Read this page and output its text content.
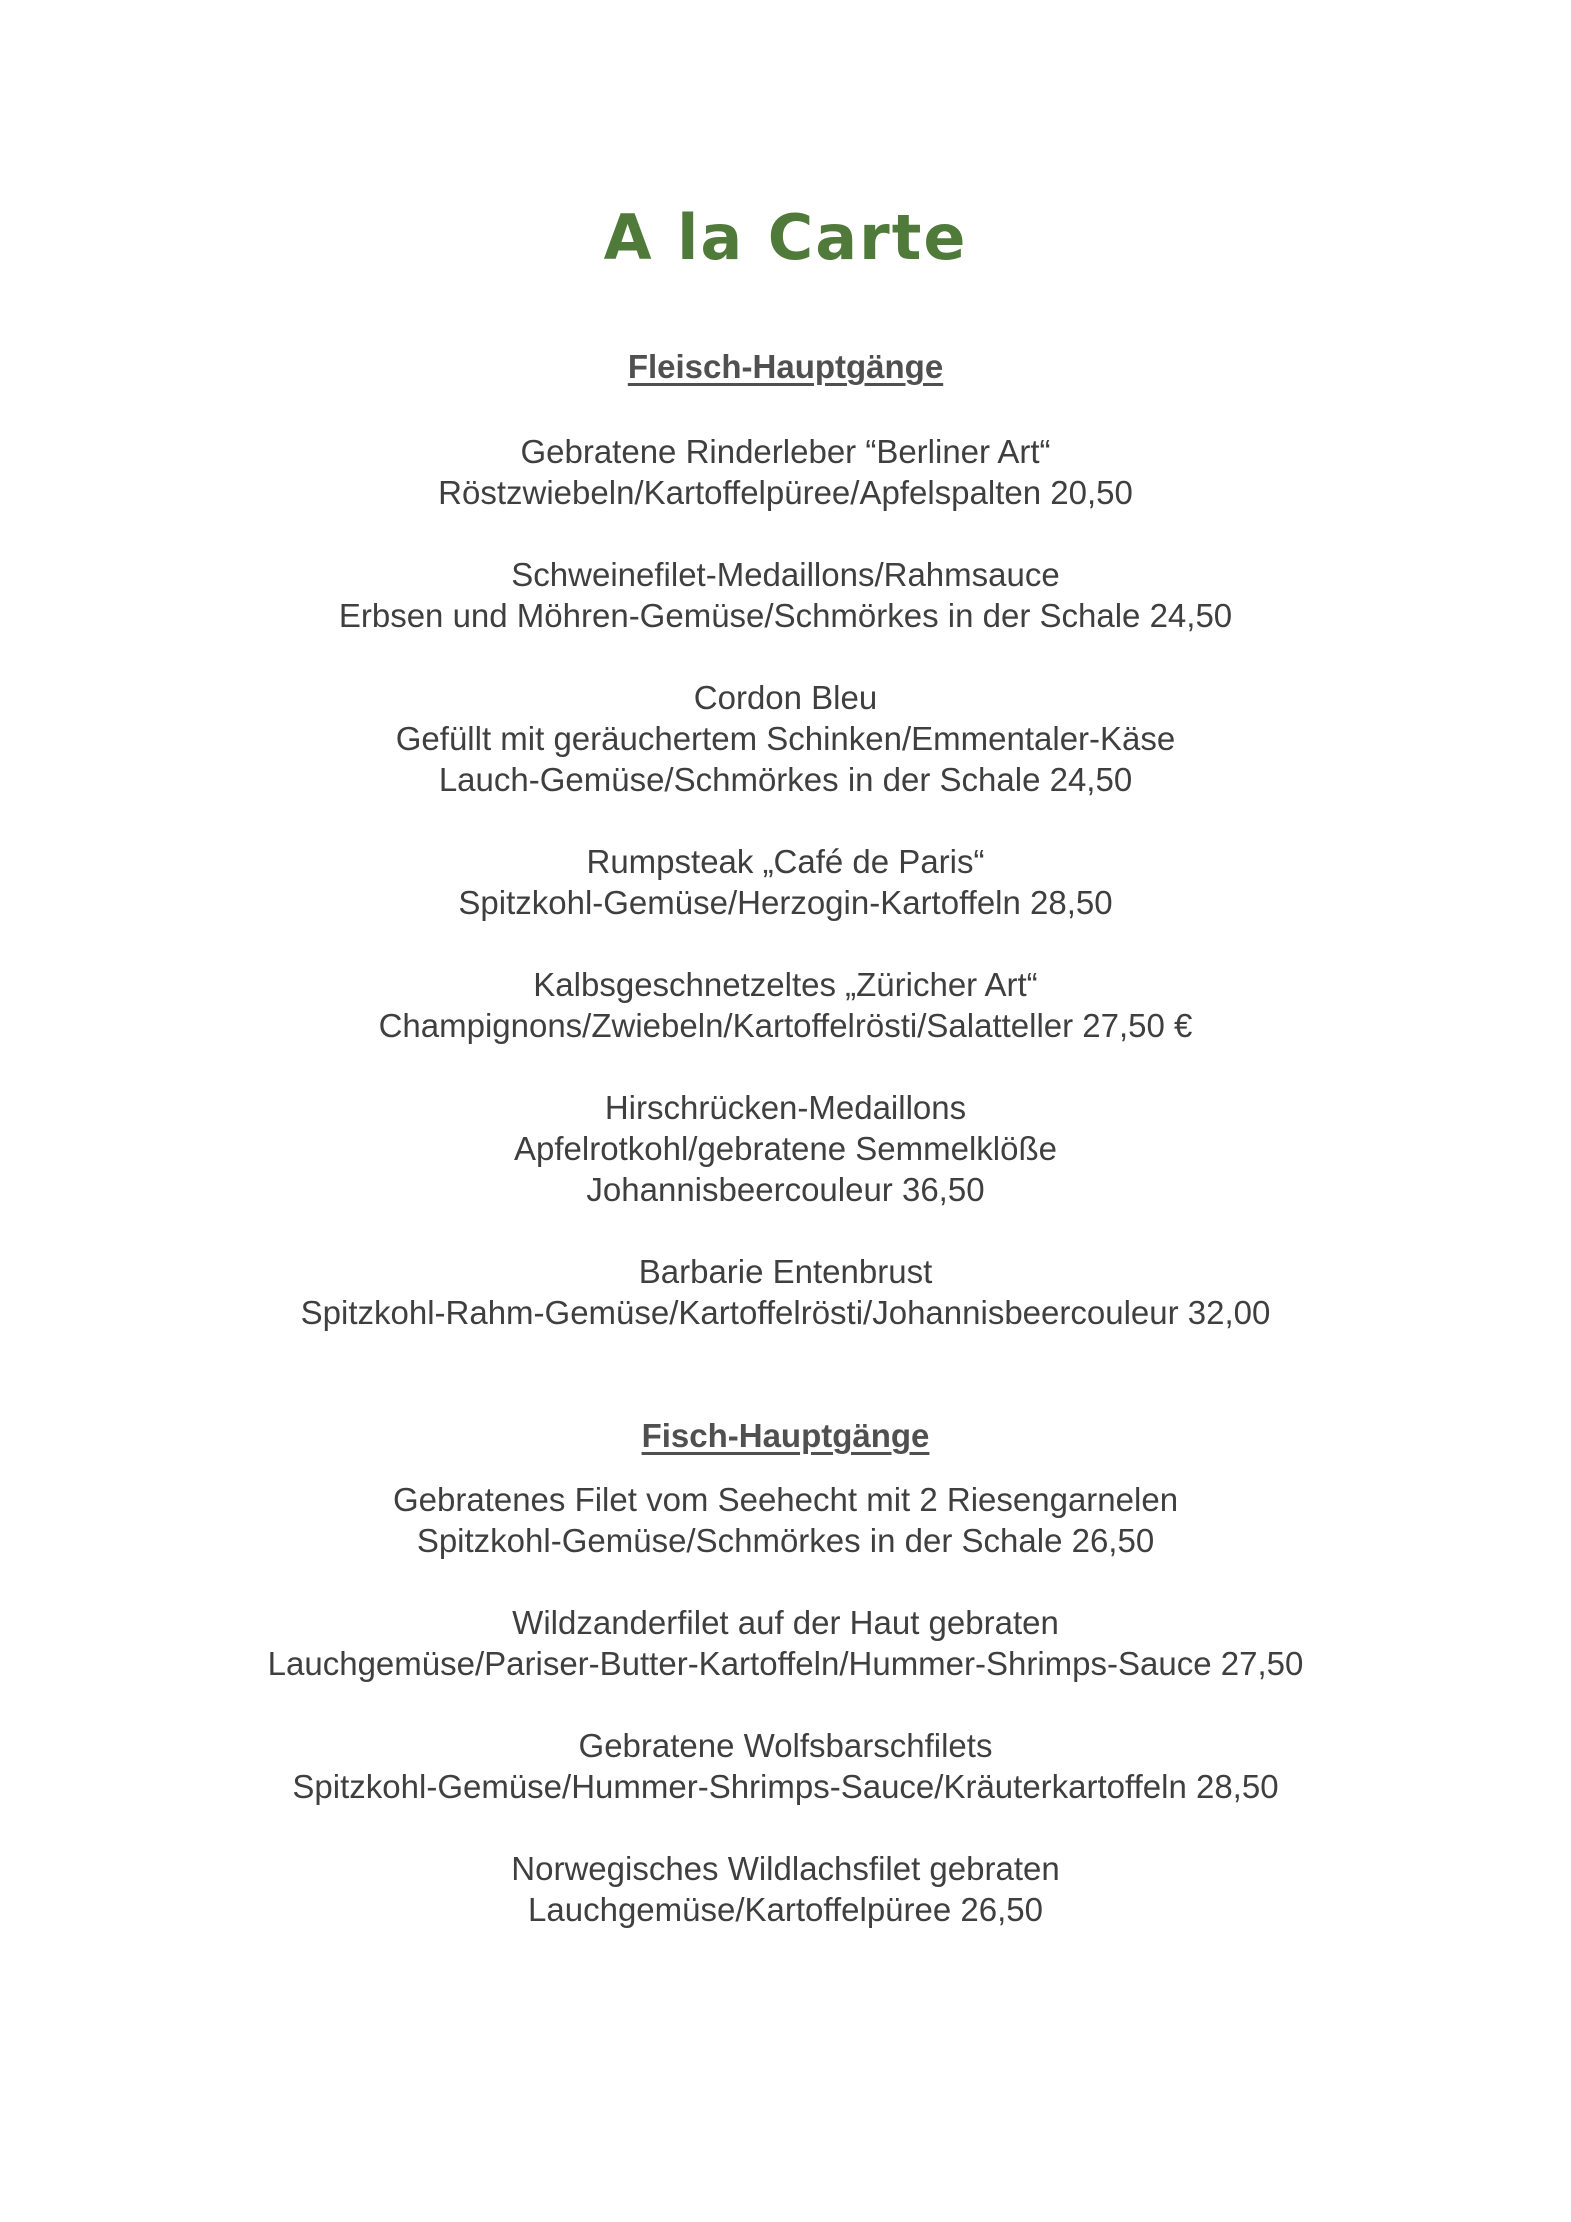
A la Carte
Fleisch-Hauptgänge
Gebratene Rinderleber “Berliner Art“
Röstzwiebeln/Kartoffelpüree/Apfelspalten 20,50
Schweinefilet-Medaillons/Rahmsauce
Erbsen und Möhren-Gemüse/Schmörkes in der Schale 24,50
Cordon Bleu
Gefüllt mit geräuchertem Schinken/Emmentaler-Käse
Lauch-Gemüse/Schmörkes in der Schale 24,50
Rumpsteak „Café de Paris“
Spitzkohl-Gemüse/Herzogin-Kartoffeln 28,50
Kalbsgeschnetzeltes „Züricher Art“
Champignons/Zwiebeln/Kartoffelrösti/Salatteller 27,50 €
Hirschrücken-Medaillons
Apfelrotkohl/gebratene Semmelklöße
Johannisbeercouleur 36,50
Barbarie Entenbrust
Spitzkohl-Rahm-Gemüse/Kartoffelrösti/Johannisbeercouleur 32,00
Fisch-Hauptgänge
Gebratenes Filet vom Seehecht mit 2 Riesengarnelen
Spitzkohl-Gemüse/Schmörkes in der Schale 26,50
Wildzanderfilet auf der Haut gebraten
Lauchgemüse/Pariser-Butter-Kartoffeln/Hummer-Shrimps-Sauce 27,50
Gebratene Wolfsbarschfilets
Spitzkohl-Gemüse/Hummer-Shrimps-Sauce/Kräuterkartoffeln 28,50
Norwegisches Wildlachsfilet gebraten
Lauchgemüse/Kartoffelpüree 26,50
